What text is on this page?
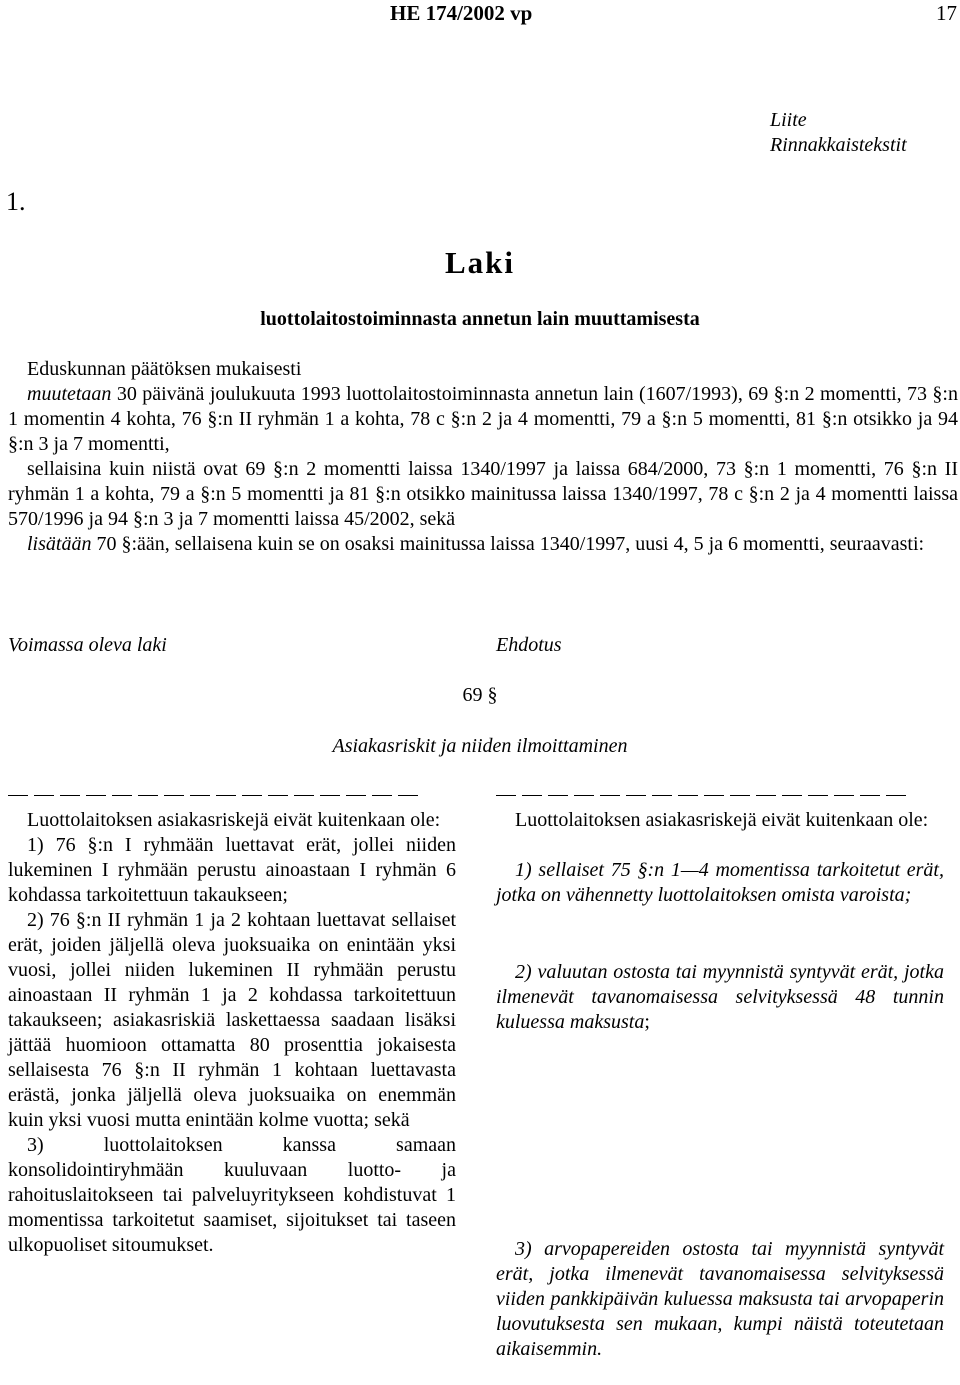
HE 174/2002 vp	17
Liite
Rinnakkaistekstit
1.
Laki
luottolaitostoiminnasta annetun lain muuttamisesta

Eduskunnan päätöksen mukaisesti

muutetaan 30 päivänä joulukuuta 1993 luottolaitostoiminnasta annetun lain (1607/1993), 69 §:n 2 momentti, 73 §:n 1 momentin 4 kohta, 76 §:n II ryhmän 1 a kohta, 78 c §:n 2 ja 4 momentti, 79 a §:n 5 momentti, 81 §:n otsikko ja 94 §:n 3 ja 7 momentti,

sellaisina kuin niistä ovat 69 §:n 2 momentti laissa 1340/1997 ja laissa 684/2000, 73 §:n 1 momentti, 76 §:n II ryhmän 1 a kohta, 79 a §:n 5 momentti ja 81 §:n otsikko mainitussa laissa 1340/1997, 78 c §:n 2 ja 4 momentti laissa 570/1996 ja 94 §:n 3 ja 7 momentti laissa 45/2002, sekä

lisätään 70 §:ään, sellaisena kuin se on osaksi mainitussa laissa 1340/1997, uusi 4, 5 ja 6 momentti, seuraavasti:

Voimassa oleva laki	Ehdotus
69 §
Asiakasriskit ja niiden ilmoittaminen

Luottolaitoksen asiakasriskejä eivät kuitenkaan ole:

1) 76 §:n I ryhmään luettavat erät, jollei niiden lukeminen I ryhmään perustu ainoastaan I ryhmän 6 kohdassa tarkoitettuun takaukseen;

2) 76 §:n II ryhmän 1 ja 2 kohtaan luettavat sellaiset erät, joiden jäljellä oleva juoksuaika on enintään yksi vuosi, jollei niiden lukeminen II ryhmään perustu ainoastaan II ryhmän 1 ja 2 kohdassa tarkoitettuun takaukseen; asiakasriskiä laskettaessa saadaan lisäksi jättää huomioon ottamatta 80 prosenttia jokaisesta sellaisesta 76 §:n II ryhmän 1 kohtaan luettavasta erästä, jonka jäljellä oleva juoksuaika on enemmän kuin yksi vuosi mutta enintään kolme vuotta; sekä

3) luottolaitoksen kanssa samaan konsolidointiryhmään kuuluvaan luotto- ja rahoituslaitokseen tai palveluyritykseen kohdistuvat 1 momentissa tarkoitetut saamiset, sijoitukset tai taseen ulkopuoliset sitoumukset.

Luottolaitoksen asiakasriskejä eivät kuitenkaan ole:

1) sellaiset 75 §:n 1—4 momentissa tarkoitetut erät, jotka on vähennetty luottolaitoksen omista varoista;

2) valuutan ostosta tai myynnistä syntyvät erät, jotka ilmenevät tavanomaisessa selvityksessä 48 tunnin kuluessa maksusta;

3) arvopapereiden ostosta tai myynnistä syntyvät erät, jotka ilmenevät tavanomaisessa selvityksessä viiden pankkipäivän kuluessa maksusta tai arvopaperin luovutuksesta sen mukaan, kumpi näistä toteutetaan aikaisemmin.
